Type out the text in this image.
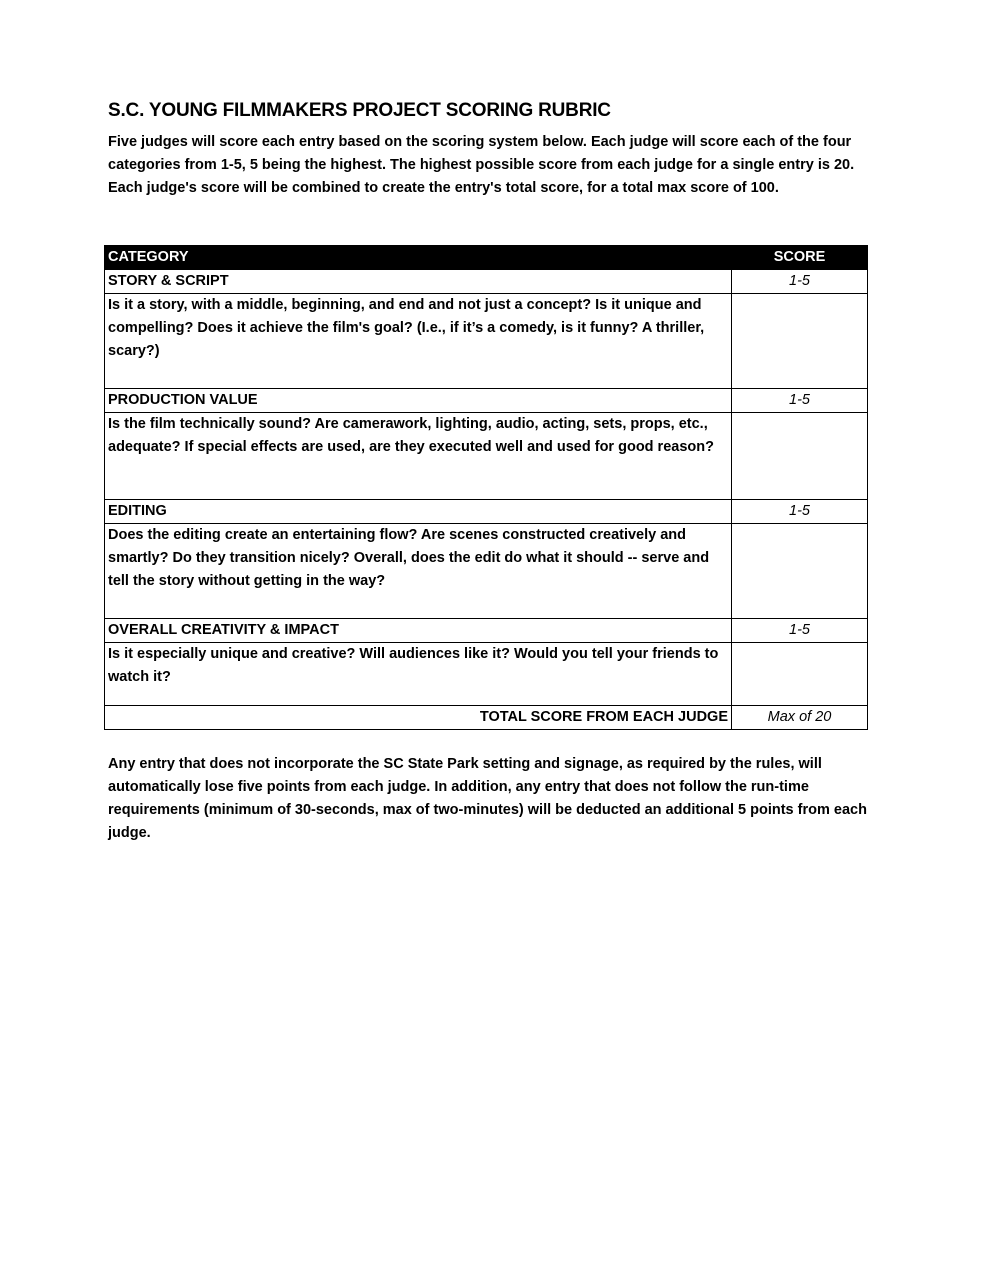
S.C. YOUNG FILMMAKERS PROJECT SCORING RUBRIC

Five judges will score each entry based on the scoring system below. Each judge will score each of the four categories from 1-5, 5 being the highest. The highest possible score from each judge for a single entry is 20. Each judge's score will be combined to create the entry's total score, for a total max score of 100.

CATEGORY	SCORE
STORY & SCRIPT	1-5
Is it a story, with a middle, beginning, and end and not just a concept? Is it unique and compelling? Does it achieve the film's goal? (I.e., if it’s a comedy, is it funny? A thriller, scary?)	
PRODUCTION VALUE	1-5
Is the film technically sound? Are camerawork, lighting, audio, acting, sets, props, etc., adequate? If special effects are used, are they executed well and used for good reason?	
EDITING	1-5
Does the editing create an entertaining flow? Are scenes constructed creatively and smartly? Do they transition nicely? Overall, does the edit do what it should -- serve and tell the story without getting in the way?	
OVERALL CREATIVITY & IMPACT	1-5
Is it especially unique and creative? Will audiences like it? Would you tell your friends to watch it?	
TOTAL SCORE FROM EACH JUDGE	Max of 20

Any entry that does not incorporate the SC State Park setting and signage, as required by the rules, will automatically lose five points from each judge. In addition, any entry that does not follow the run-time requirements (minimum of 30-seconds, max of two-minutes) will be deducted an additional 5 points from each judge.
